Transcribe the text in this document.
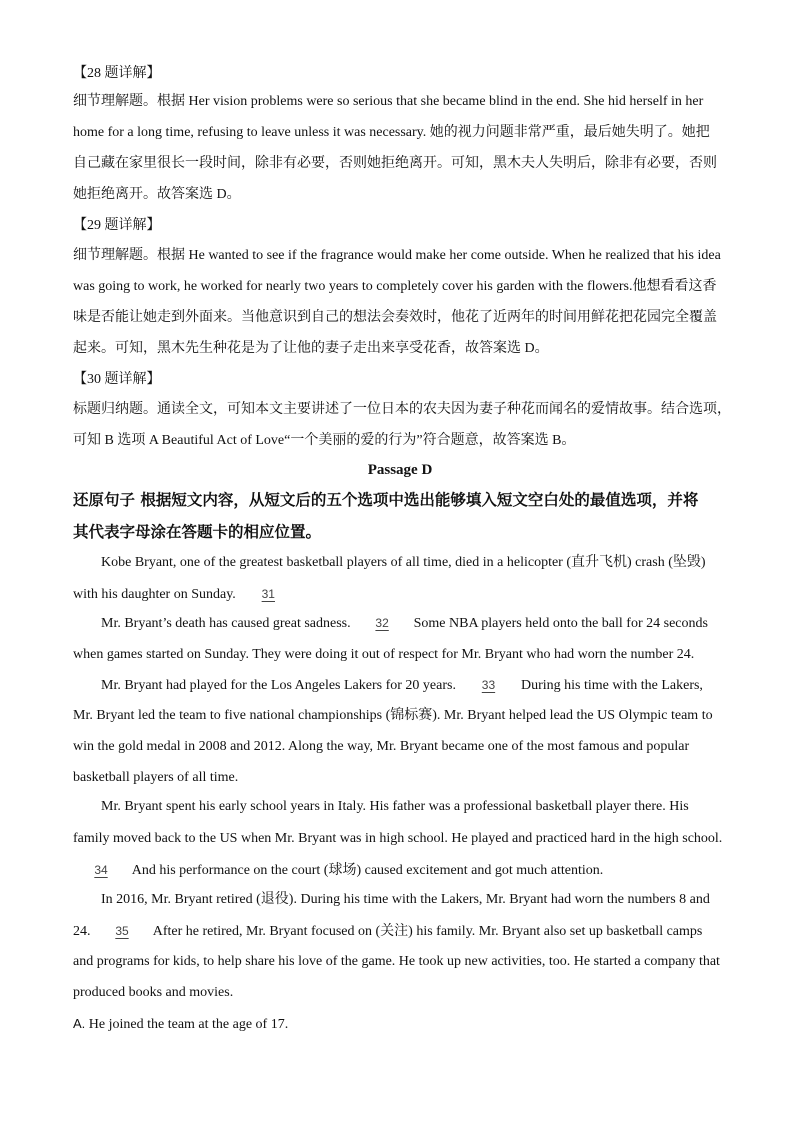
【28 题详解】
细节理解题。根据 Her vision problems were so serious that she became blind in the end. She hid herself in her
home for a long time, refusing to leave unless it was necessary. 她的视力问题非常严重，最后她失明了。她把
自己藏在家里很长一段时间，除非有必要，否则她拒绝离开。可知，黑木夫人失明后，除非有必要，否则
她拒绝离开。故答案选 D。
【29 题详解】
细节理解题。根据 He wanted to see if the fragrance would make her come outside. When he realized that his idea
was going to work, he worked for nearly two years to completely cover his garden with the flowers.他想看看这香
味是否能让她走到外面来。当他意识到自己的想法会奏效时，他花了近两年的时间用鲜花把花园完全覆盖
起来。可知，黑木先生种花是为了让他的妻子走出来享受花香，故答案选 D。
【30 题详解】
标题归纳题。通读全文，可知本文主要讲述了一位日本的农夫因为妻子种花而闻名的爱情故事。结合选项，
可知 B 选项 A Beautiful Act of Love“一个美丽的爱的行为”符合题意，故答案选 B。
Passage D
还原句子 根据短文内容，从短文后的五个选项中选出能够填入短文空白处的最值选项，并将
其代表字母涂在答题卡的相应位置。
Kobe Bryant, one of the greatest basketball players of all time, died in a helicopter (直升飞机) crash (坠毁)
with his daughter on Sunday. 31
Mr. Bryant’s death has caused great sadness. 32 Some NBA players held onto the ball for 24 seconds
when games started on Sunday. They were doing it out of respect for Mr. Bryant who had worn the number 24.
Mr. Bryant had played for the Los Angeles Lakers for 20 years. 33 During his time with the Lakers,
Mr. Bryant led the team to five national championships (锦标赛). Mr. Bryant helped lead the US Olympic team to
win the gold medal in 2008 and 2012. Along the way, Mr. Bryant became one of the most famous and popular
basketball players of all time.
Mr. Bryant spent his early school years in Italy. His father was a professional basketball player there. His
family moved back to the US when Mr. Bryant was in high school. He played and practiced hard in the high school.
34 And his performance on the court (球场) caused excitement and got much attention.
In 2016, Mr. Bryant retired (退役). During his time with the Lakers, Mr. Bryant had worn the numbers 8 and
24. 35 After he retired, Mr. Bryant focused on (关注) his family. Mr. Bryant also set up basketball camps
and programs for kids, to help share his love of the game. He took up new activities, too. He started a company that
produced books and movies.
A. He joined the team at the age of 17.
